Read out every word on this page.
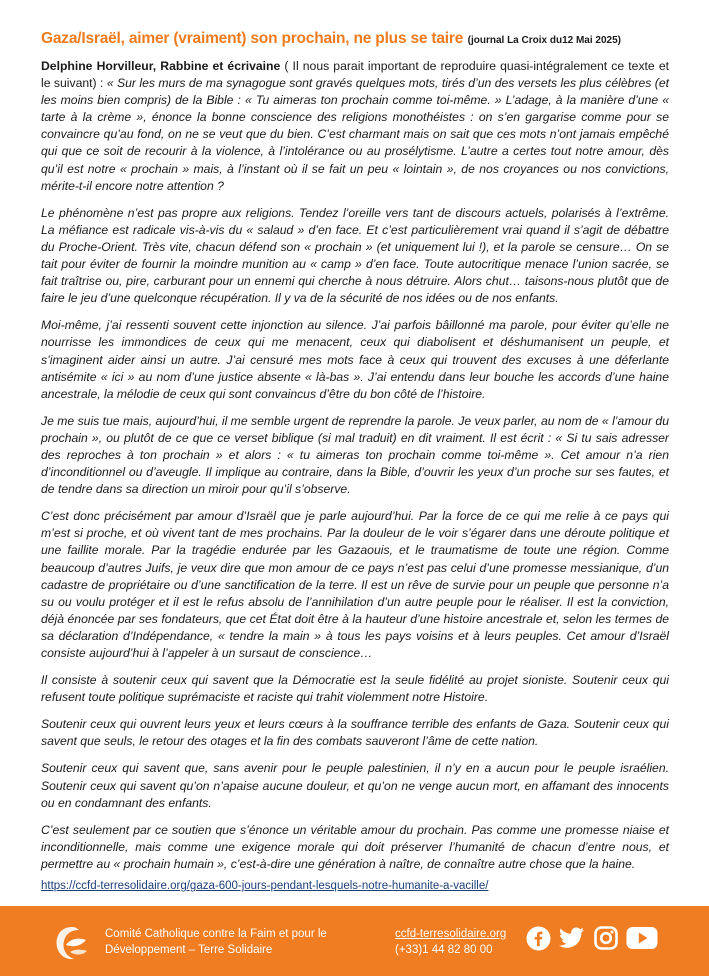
Gaza/Israël, aimer (vraiment) son prochain, ne plus se taire (journal La Croix du12 Mai 2025)

Delphine Horvilleur, Rabbine et écrivaine ( Il nous parait important de reproduire quasi-intégralement ce texte et le suivant) : « Sur les murs de ma synagogue sont gravés quelques mots, tirés d’un des versets les plus célèbres (et les moins bien compris) de la Bible : « Tu aimeras ton prochain comme toi-même. » L’adage, à la manière d’une « tarte à la crème », énonce la bonne conscience des religions monothéistes : on s’en gargarise comme pour se convaincre qu’au fond, on ne se veut que du bien. C’est charmant mais on sait que ces mots n’ont jamais empêché qui que ce soit de recourir à la violence, à l’intolérance ou au prosélytisme. L’autre a certes tout notre amour, dès qu’il est notre « prochain » mais, à l’instant où il se fait un peu « lointain », de nos croyances ou nos convictions, mérite-t-il encore notre attention ?

Le phénomène n’est pas propre aux religions. Tendez l’oreille vers tant de discours actuels, polarisés à l’extrême. La méfiance est radicale vis-à-vis du « salaud » d’en face. Et c’est particulièrement vrai quand il s’agit de débattre du Proche-Orient. Très vite, chacun défend son « prochain » (et uniquement lui !), et la parole se censure… On se tait pour éviter de fournir la moindre munition au « camp » d’en face. Toute autocritique menace l’union sacrée, se fait traîtrise ou, pire, carburant pour un ennemi qui cherche à nous détruire. Alors chut… taisons-nous plutôt que de faire le jeu d’une quelconque récupération. Il y va de la sécurité de nos idées ou de nos enfants.

Moi-même, j’ai ressenti souvent cette injonction au silence. J’ai parfois bâillonné ma parole, pour éviter qu’elle ne nourrisse les immondices de ceux qui me menacent, ceux qui diabolisent et déshumanisent un peuple, et s’imaginent aider ainsi un autre. J’ai censuré mes mots face à ceux qui trouvent des excuses à une déferlante antisémite « ici » au nom d’une justice absente « là-bas ». J’ai entendu dans leur bouche les accords d’une haine ancestrale, la mélodie de ceux qui sont convaincus d’être du bon côté de l’histoire.

Je me suis tue mais, aujourd’hui, il me semble urgent de reprendre la parole. Je veux parler, au nom de « l’amour du prochain », ou plutôt de ce que ce verset biblique (si mal traduit) en dit vraiment. Il est écrit : « Si tu sais adresser des reproches à ton prochain » et alors : « tu aimeras ton prochain comme toi-même ». Cet amour n’a rien d’inconditionnel ou d’aveugle. Il implique au contraire, dans la Bible, d’ouvrir les yeux d’un proche sur ses fautes, et de tendre dans sa direction un miroir pour qu’il s’observe.

C’est donc précisément par amour d’Israël que je parle aujourd’hui. Par la force de ce qui me relie à ce pays qui m’est si proche, et où vivent tant de mes prochains. Par la douleur de le voir s’égarer dans une déroute politique et une faillite morale. Par la tragédie endurée par les Gazaouis, et le traumatisme de toute une région. Comme beaucoup d’autres Juifs, je veux dire que mon amour de ce pays n’est pas celui d’une promesse messianique, d’un cadastre de propriétaire ou d’une sanctification de la terre. Il est un rêve de survie pour un peuple que personne n’a su ou voulu protéger et il est le refus absolu de l’annihilation d’un autre peuple pour le réaliser. Il est la conviction, déjà énoncée par ses fondateurs, que cet État doit être à la hauteur d’une histoire ancestrale et, selon les termes de sa déclaration d’Indépendance, « tendre la main » à tous les pays voisins et à leurs peuples. Cet amour d’Israël consiste aujourd’hui à l’appeler à un sursaut de conscience…

Il consiste à soutenir ceux qui savent que la Démocratie est la seule fidélité au projet sioniste. Soutenir ceux qui refusent toute politique suprémaciste et raciste qui trahit violemment notre Histoire.

Soutenir ceux qui ouvrent leurs yeux et leurs cœurs à la souffrance terrible des enfants de Gaza. Soutenir ceux qui savent que seuls, le retour des otages et la fin des combats sauveront l’âme de cette nation.

Soutenir ceux qui savent que, sans avenir pour le peuple palestinien, il n’y en a aucun pour le peuple israélien. Soutenir ceux qui savent qu’on n’apaise aucune douleur, et qu’on ne venge aucun mort, en affamant des innocents ou en condamnant des enfants.

C’est seulement par ce soutien que s’énonce un véritable amour du prochain. Pas comme une promesse niaise et inconditionnelle, mais comme une exigence morale qui doit préserver l’humanité de chacun d’entre nous, et permettre au « prochain humain », c’est-à-dire une génération à naître, de connaître autre chose que la haine.

https://ccfd-terresolidaire.org/gaza-600-jours-pendant-lesquels-notre-humanite-a-vacille/
Comité Catholique contre la Faim et pour le
Développement – Terre Solidaire
ccfd-terresolidaire.org
(+33)1 44 82 80 00
